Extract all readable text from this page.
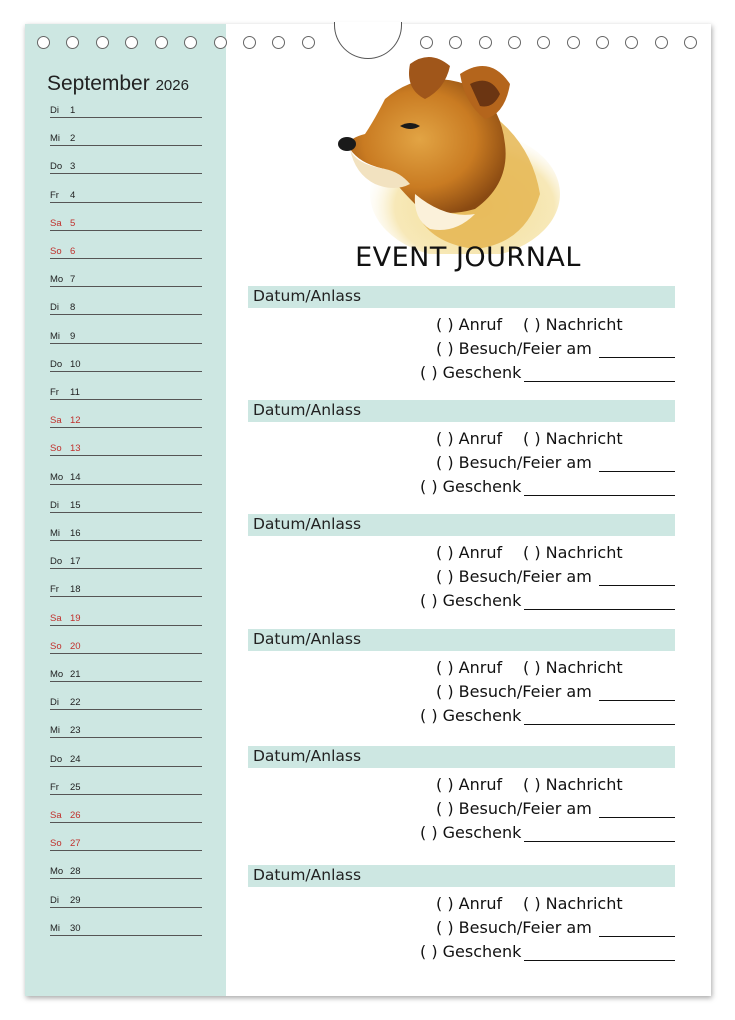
September 2026
Di 1
Mi 2
Do 3
Fr 4
Sa 5
So 6
Mo 7
Di 8
Mi 9
Do 10
Fr 11
Sa 12
So 13
Mo 14
Di 15
Mi 16
Do 17
Fr 18
Sa 19
So 20
Mo 21
Di 22
Mi 23
Do 24
Fr 25
Sa 26
So 27
Mo 28
Di 29
Mi 30
EVENT JOURNAL
Datum/Anlass
( ) Anruf ( ) Nachricht
( ) Besuch/Feier am
( ) Geschenk
Datum/Anlass
( ) Anruf ( ) Nachricht
( ) Besuch/Feier am
( ) Geschenk
Datum/Anlass
( ) Anruf ( ) Nachricht
( ) Besuch/Feier am
( ) Geschenk
Datum/Anlass
( ) Anruf ( ) Nachricht
( ) Besuch/Feier am
( ) Geschenk
Datum/Anlass
( ) Anruf ( ) Nachricht
( ) Besuch/Feier am
( ) Geschenk
Datum/Anlass
( ) Anruf ( ) Nachricht
( ) Besuch/Feier am
( ) Geschenk
